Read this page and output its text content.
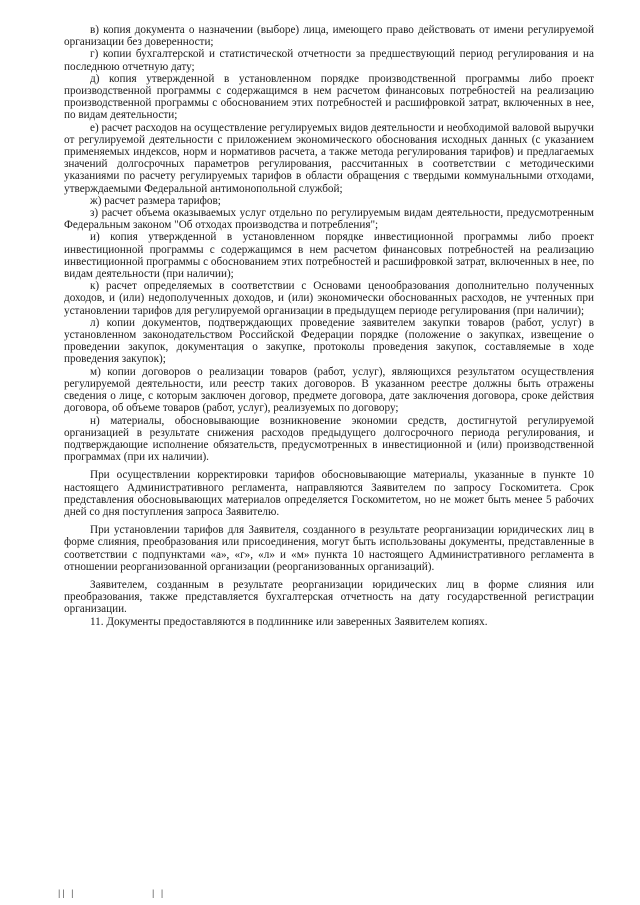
в) копия документа о назначении (выборе) лица, имеющего право действовать от имени регулируемой организации без доверенности;

г) копии бухгалтерской и статистической отчетности за предшествующий период регулирования и на последнюю отчетную дату;

д) копия утвержденной в установленном порядке производственной программы либо проект производственной программы с содержащимся в нем расчетом финансовых потребностей на реализацию производственной программы с обоснованием этих потребностей и расшифровкой затрат, включенных в нее, по видам деятельности;

е) расчет расходов на осуществление регулируемых видов деятельности и необходимой валовой выручки от регулируемой деятельности с приложением экономического обоснования исходных данных (с указанием применяемых индексов, норм и нормативов расчета, а также метода регулирования тарифов) и предлагаемых значений долгосрочных параметров регулирования, рассчитанных в соответствии с методическими указаниями по расчету регулируемых тарифов в области обращения с твердыми коммунальными отходами, утверждаемыми Федеральной антимонопольной службой;

ж) расчет размера тарифов;

з) расчет объема оказываемых услуг отдельно по регулируемым видам деятельности, предусмотренным Федеральным законом "Об отходах производства и потребления";

и) копия утвержденной в установленном порядке инвестиционной программы либо проект инвестиционной программы с содержащимся в нем расчетом финансовых потребностей на реализацию инвестиционной программы с обоснованием этих потребностей и расшифровкой затрат, включенных в нее, по видам деятельности (при наличии);

к) расчет определяемых в соответствии с Основами ценообразования дополнительно полученных доходов, и (или) недополученных доходов, и (или) экономически обоснованных расходов, не учтенных при установлении тарифов для регулируемой организации в предыдущем периоде регулирования (при наличии);

л) копии документов, подтверждающих проведение заявителем закупки товаров (работ, услуг) в установленном законодательством Российской Федерации порядке (положение о закупках, извещение о проведении закупок, документация о закупке, протоколы проведения закупок, составляемые в ходе проведения закупок);

м) копии договоров о реализации товаров (работ, услуг), являющихся результатом осуществления регулируемой деятельности, или реестр таких договоров. В указанном реестре должны быть отражены сведения о лице, с которым заключен договор, предмете договора, дате заключения договора, сроке действия договора, об объеме товаров (работ, услуг), реализуемых по договору;

н) материалы, обосновывающие возникновение экономии средств, достигнутой регулируемой организацией в результате снижения расходов предыдущего долгосрочного периода регулирования, и подтверждающие исполнение обязательств, предусмотренных в инвестиционной и (или) производственной программах (при их наличии).

При осуществлении корректировки тарифов обосновывающие материалы, указанные в пункте 10 настоящего Административного регламента, направляются Заявителем по запросу Госкомитета. Срок представления обосновывающих материалов определяется Госкомитетом, но не может быть менее 5 рабочих дней со дня поступления запроса Заявителю.

При установлении тарифов для Заявителя, созданного в результате реорганизации юридических лиц в форме слияния, преобразования или присоединения, могут быть использованы документы, представленные в соответствии с подпунктами «а», «г», «л» и «м» пункта 10 настоящего Административного регламента в отношении реорганизованной организации (реорганизованных организаций).

Заявителем, созданным в результате реорганизации юридических лиц в форме слияния или преобразования, также представляется бухгалтерская отчетность на дату государственной регистрации организации.

11. Документы предоставляются в подлиннике или заверенных Заявителем копиях.

|| |	| |
